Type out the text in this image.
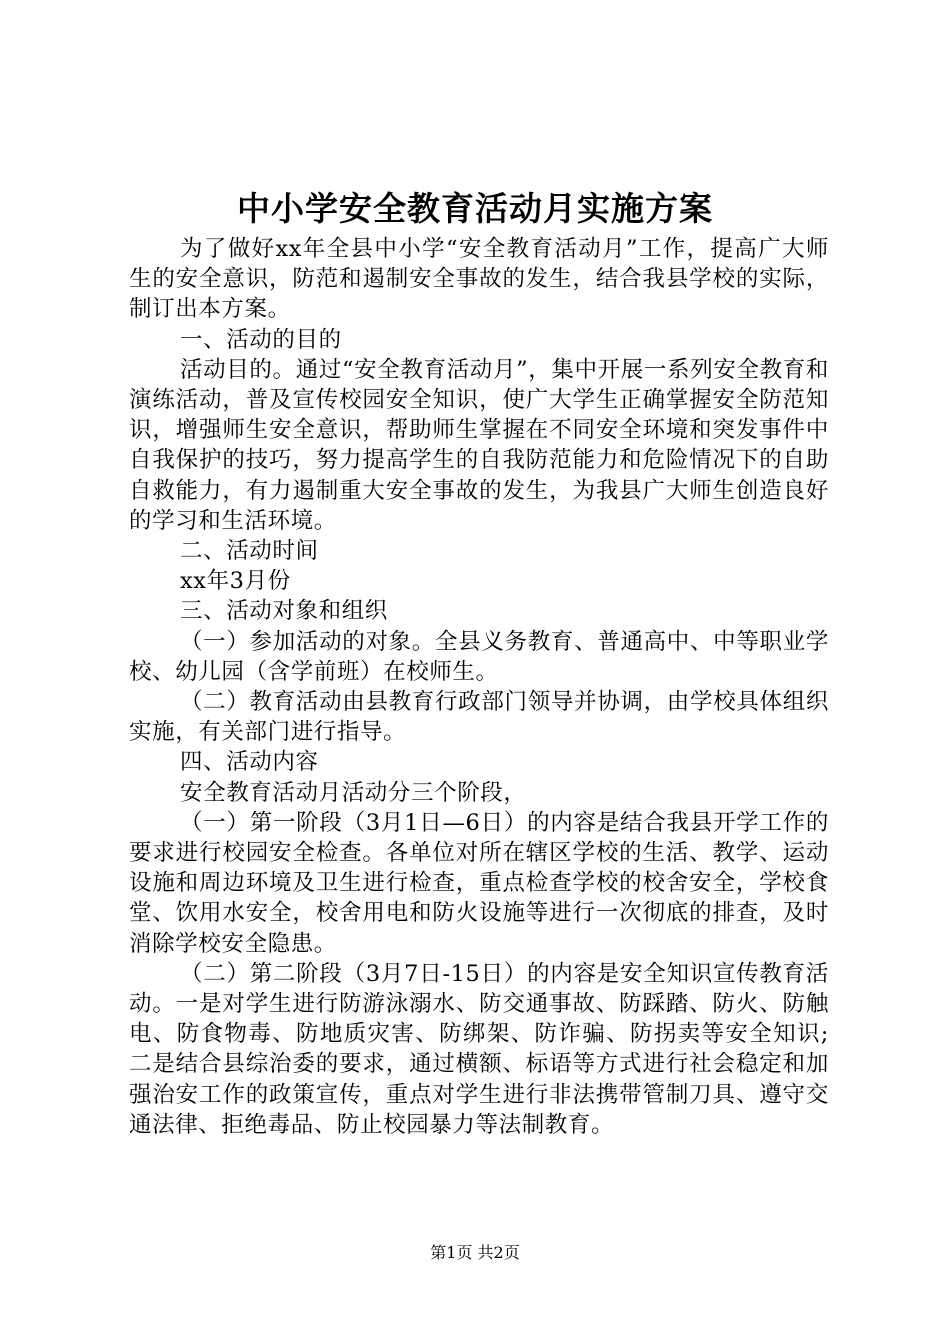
中小学安全教育活动月实施方案

为了做好xx年全县中小学“安全教育活动月”工作，提高广大师生的安全意识，防范和遏制安全事故的发生，结合我县学校的实际，制订出本方案。

一、活动的目的

活动目的。通过“安全教育活动月”，集中开展一系列安全教育和演练活动，普及宣传校园安全知识，使广大学生正确掌握安全防范知识，增强师生安全意识，帮助师生掌握在不同安全环境和突发事件中自我保护的技巧，努力提高学生的自我防范能力和危险情况下的自助自救能力，有力遏制重大安全事故的发生，为我县广大师生创造良好的学习和生活环境。

二、活动时间

xx年3月份

三、活动对象和组织

（一）参加活动的对象。全县义务教育、普通高中、中等职业学校、幼儿园（含学前班）在校师生。

（二）教育活动由县教育行政部门领导并协调，由学校具体组织实施，有关部门进行指导。

四、活动内容

安全教育活动月活动分三个阶段，

（一）第一阶段（3月1日—6日）的内容是结合我县开学工作的要求进行校园安全检查。各单位对所在辖区学校的生活、教学、运动设施和周边环境及卫生进行检查，重点检查学校的校舍安全，学校食堂、饮用水安全，校舍用电和防火设施等进行一次彻底的排查，及时消除学校安全隐患。

（二）第二阶段（3月7日-15日）的内容是安全知识宣传教育活动。一是对学生进行防游泳溺水、防交通事故、防踩踏、防火、防触电、防食物毒、防地质灾害、防绑架、防诈骗、防拐卖等安全知识;二是结合县综治委的要求，通过横额、标语等方式进行社会稳定和加强治安工作的政策宣传，重点对学生进行非法携带管制刀具、遵守交通法律、拒绝毒品、防止校园暴力等法制教育。

第1页 共2页
